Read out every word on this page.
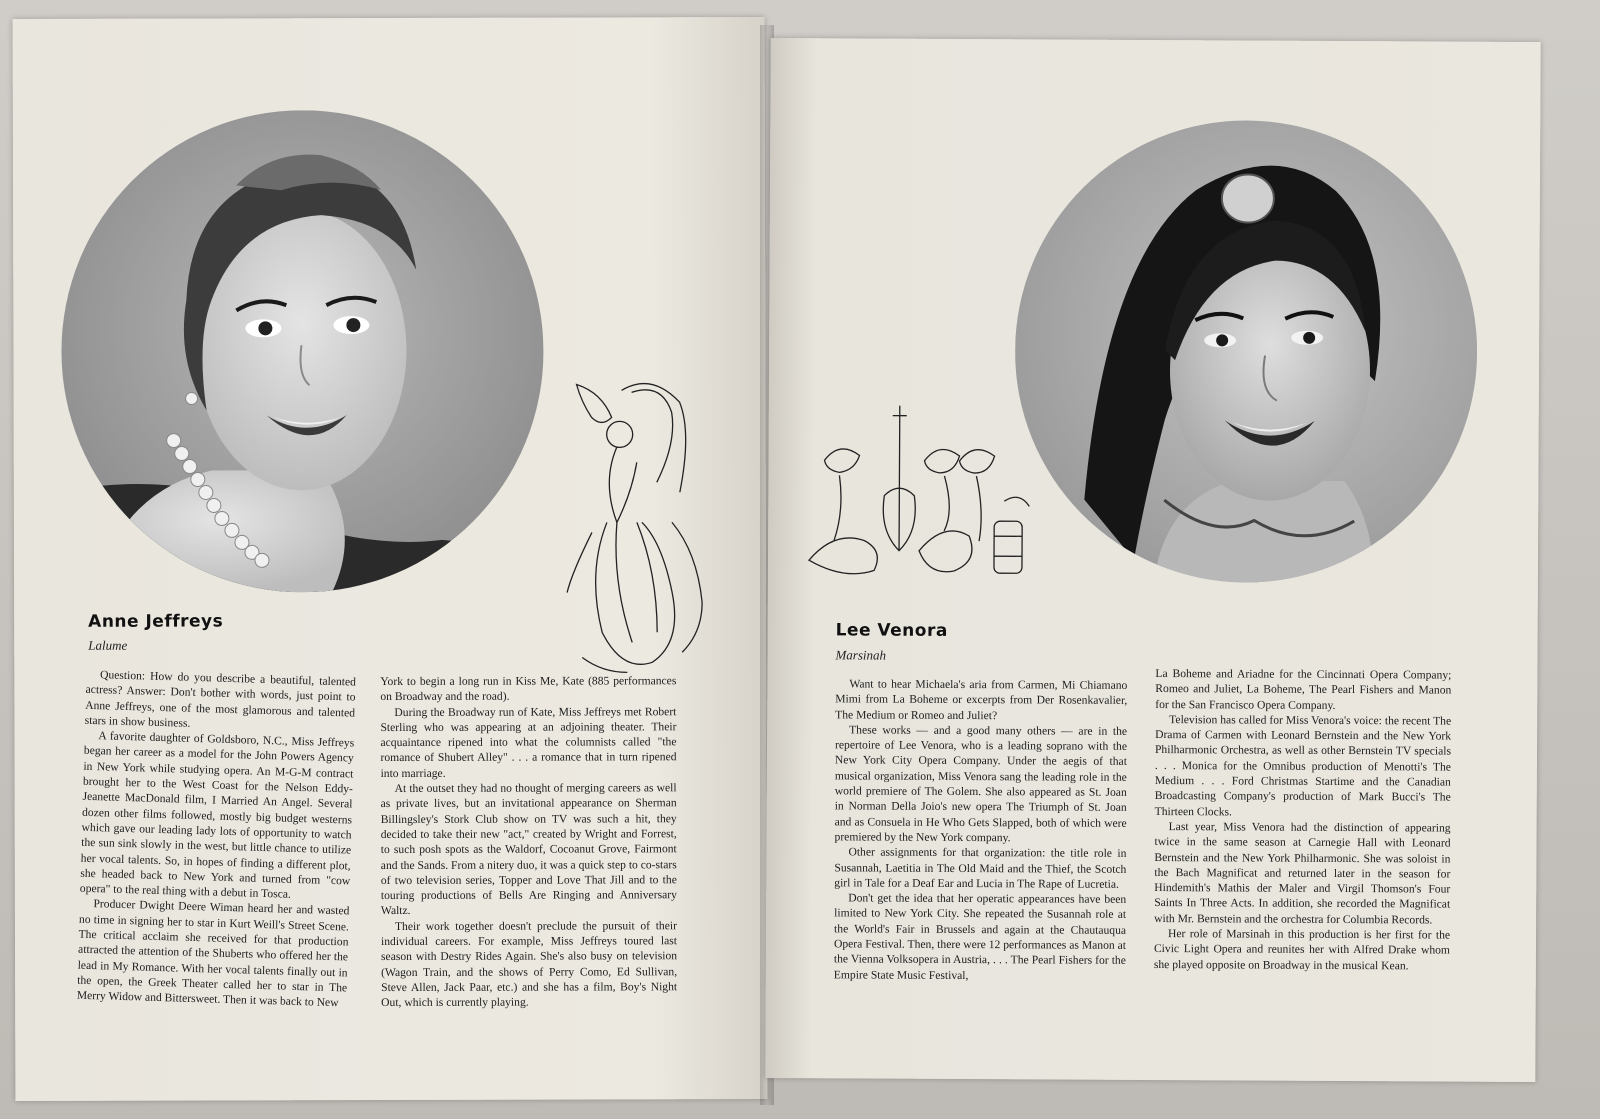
Anne Jeffreys
Lalume

Question: How do you describe a beautiful, talented actress? Answer: Don't bother with words, just point to Anne Jeffreys, one of the most glamorous and talented stars in show business.

A favorite daughter of Goldsboro, N.C., Miss Jeffreys began her career as a model for the John Powers Agency in New York while studying opera. An M-G-M contract brought her to the West Coast for the Nelson Eddy-Jeanette MacDonald film, I Married An Angel. Several dozen other films followed, mostly big budget westerns which gave our leading lady lots of opportunity to watch the sun sink slowly in the west, but little chance to utilize her vocal talents. So, in hopes of finding a different plot, she headed back to New York and turned from "cow opera" to the real thing with a debut in Tosca.

Producer Dwight Deere Wiman heard her and wasted no time in signing her to star in Kurt Weill's Street Scene. The critical acclaim she received for that production attracted the attention of the Shuberts who offered her the lead in My Romance. With her vocal talents finally out in the open, the Greek Theater called her to star in The Merry Widow and Bittersweet. Then it was back to New

York to begin a long run in Kiss Me, Kate (885 performances on Broadway and the road).

During the Broadway run of Kate, Miss Jeffreys met Robert Sterling who was appearing at an adjoining theater. Their acquaintance ripened into what the columnists called "the romance of Shubert Alley" . . . a romance that in turn ripened into marriage.

At the outset they had no thought of merging careers as well as private lives, but an invitational appearance on Sherman Billingsley's Stork Club show on TV was such a hit, they decided to take their new "act," created by Wright and Forrest, to such posh spots as the Waldorf, Cocoanut Grove, Fairmont and the Sands. From a nitery duo, it was a quick step to co-stars of two television series, Topper and Love That Jill and to the touring productions of Bells Are Ringing and Anniversary Waltz.

Their work together doesn't preclude the pursuit of their individual careers. For example, Miss Jeffreys toured last season with Destry Rides Again. She's also busy on television (Wagon Train, and the shows of Perry Como, Ed Sullivan, Steve Allen, Jack Paar, etc.) and she has a film, Boy's Night Out, which is currently playing.

Lee Venora
Marsinah

Want to hear Michaela's aria from Carmen, Mi Chiamano Mimi from La Boheme or excerpts from Der Rosenkavalier, The Medium or Romeo and Juliet?

These works — and a good many others — are in the repertoire of Lee Venora, who is a leading soprano with the New York City Opera Company. Under the aegis of that musical organization, Miss Venora sang the leading role in the world premiere of The Golem. She also appeared as St. Joan in Norman Della Joio's new opera The Triumph of St. Joan and as Consuela in He Who Gets Slapped, both of which were premiered by the New York company.

Other assignments for that organization: the title role in Susannah, Laetitia in The Old Maid and the Thief, the Scotch girl in Tale for a Deaf Ear and Lucia in The Rape of Lucretia.

Don't get the idea that her operatic appearances have been limited to New York City. She repeated the Susannah role at the World's Fair in Brussels and again at the Chautauqua Opera Festival. Then, there were 12 performances as Manon at the Vienna Volksopera in Austria, . . . The Pearl Fishers for the Empire State Music Festival,

La Boheme and Ariadne for the Cincinnati Opera Company; Romeo and Juliet, La Boheme, The Pearl Fishers and Manon for the San Francisco Opera Company.

Television has called for Miss Venora's voice: the recent The Drama of Carmen with Leonard Bernstein and the New York Philharmonic Orchestra, as well as other Bernstein TV specials . . . Monica for the Omnibus production of Menotti's The Medium . . . Ford Christmas Startime and the Canadian Broadcasting Company's production of Mark Bucci's The Thirteen Clocks.

Last year, Miss Venora had the distinction of appearing twice in the same season at Carnegie Hall with Leonard Bernstein and the New York Philharmonic. She was soloist in the Bach Magnificat and returned later in the season for Hindemith's Mathis der Maler and Virgil Thomson's Four Saints In Three Acts. In addition, she recorded the Magnificat with Mr. Bernstein and the orchestra for Columbia Records.

Her role of Marsinah in this production is her first for the Civic Light Opera and reunites her with Alfred Drake whom she played opposite on Broadway in the musical Kean.
